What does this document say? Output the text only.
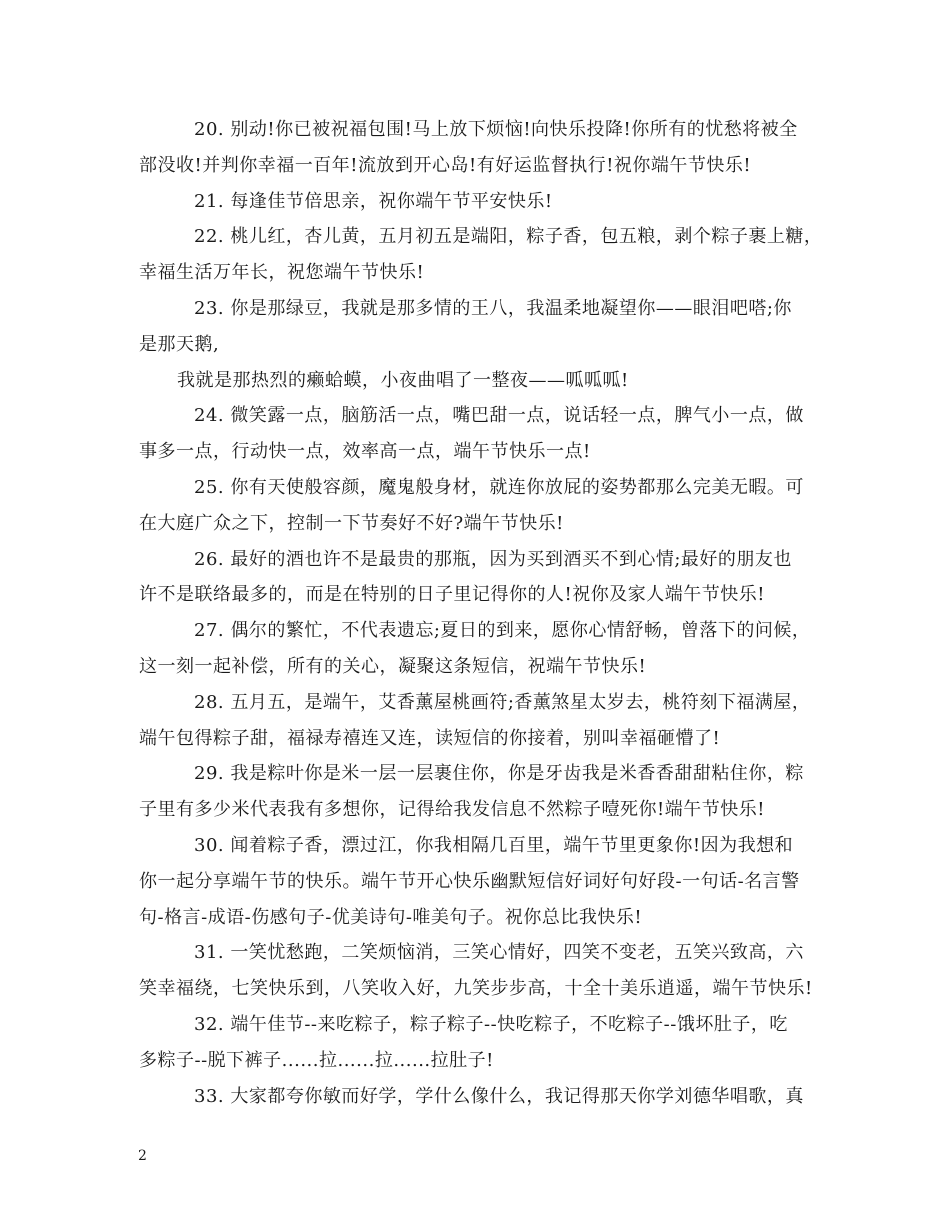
20. 别动!你已被祝福包围!马上放下烦恼!向快乐投降!你所有的忧愁将被全
部没收!并判你幸福一百年!流放到开心岛!有好运监督执行!祝你端午节快乐!
21. 每逢佳节倍思亲，祝你端午节平安快乐!
22. 桃儿红，杏儿黄，五月初五是端阳，粽子香，包五粮，剥个粽子裹上糖，
幸福生活万年长，祝您端午节快乐!
23. 你是那绿豆，我就是那多情的王八，我温柔地凝望你——眼泪吧嗒;你
是那天鹅,
我就是那热烈的癞蛤蟆，小夜曲唱了一整夜——呱呱呱!
24. 微笑露一点，脑筋活一点，嘴巴甜一点，说话轻一点，脾气小一点，做
事多一点，行动快一点，效率高一点，端午节快乐一点!
25. 你有天使般容颜，魔鬼般身材，就连你放屁的姿势都那么完美无暇。可
在大庭广众之下，控制一下节奏好不好?端午节快乐!
26. 最好的酒也许不是最贵的那瓶，因为买到酒买不到心情;最好的朋友也
许不是联络最多的，而是在特别的日子里记得你的人!祝你及家人端午节快乐!
27. 偶尔的繁忙，不代表遗忘;夏日的到来，愿你心情舒畅，曾落下的问候，
这一刻一起补偿，所有的关心，凝聚这条短信，祝端午节快乐!
28. 五月五，是端午，艾香薰屋桃画符;香薰煞星太岁去，桃符刻下福满屋，
端午包得粽子甜，福禄寿禧连又连，读短信的你接着，别叫幸福砸懵了!
29. 我是粽叶你是米一层一层裹住你，你是牙齿我是米香香甜甜粘住你，粽
子里有多少米代表我有多想你，记得给我发信息不然粽子噎死你!端午节快乐!
30. 闻着粽子香，漂过江，你我相隔几百里，端午节里更象你!因为我想和
你一起分享端午节的快乐。端午节开心快乐幽默短信好词好句好段-一句话-名言警
句-格言-成语-伤感句子-优美诗句-唯美句子。祝你总比我快乐!
31. 一笑忧愁跑，二笑烦恼消，三笑心情好，四笑不变老，五笑兴致高，六
笑幸福绕，七笑快乐到，八笑收入好，九笑步步高，十全十美乐逍遥，端午节快乐!
32. 端午佳节--来吃粽子，粽子粽子--快吃粽子，不吃粽子--饿坏肚子，吃
多粽子--脱下裤子......拉......拉......拉肚子!
33. 大家都夸你敏而好学，学什么像什么，我记得那天你学刘德华唱歌，真
2
